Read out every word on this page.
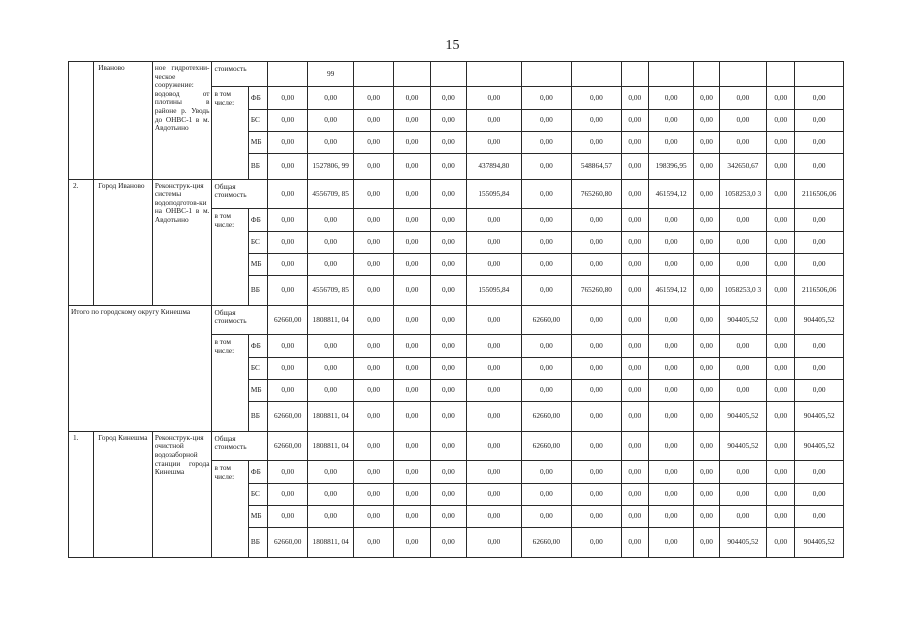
15
	Иваново	ное гидротехни-ческое сооружение: водовод от плотины в районе р. Уводь до ОНВС-1 в м. Авдотьино	стоимость			99												
			в том числе:	ФБ	0,00	0,00	0,00	0,00	0,00	0,00	0,00	0,00	0,00	0,00	0,00	0,00	0,00	0,00
				БС	0,00	0,00	0,00	0,00	0,00	0,00	0,00	0,00	0,00	0,00	0,00	0,00	0,00	0,00
				МБ	0,00	0,00	0,00	0,00	0,00	0,00	0,00	0,00	0,00	0,00	0,00	0,00	0,00	0,00
				ВБ	0,00	1527806, 99	0,00	0,00	0,00	437894,80	0,00	548864,57	0,00	198396,95	0,00	342650,67	0,00	0,00
2.	Город Иваново	Реконструк-ция системы водоподготов-ки на ОНВС-1 в м. Авдотьино	Общая стоимость		0,00	4556709, 85	0,00	0,00	0,00	155095,84	0,00	765260,80	0,00	461594,12	0,00	1058253,0 3	0,00	2116506,06
			в том числе:	ФБ	0,00	0,00	0,00	0,00	0,00	0,00	0,00	0,00	0,00	0,00	0,00	0,00	0,00	0,00
				БС	0,00	0,00	0,00	0,00	0,00	0,00	0,00	0,00	0,00	0,00	0,00	0,00	0,00	0,00
				МБ	0,00	0,00	0,00	0,00	0,00	0,00	0,00	0,00	0,00	0,00	0,00	0,00	0,00	0,00
				ВБ	0,00	4556709, 85	0,00	0,00	0,00	155095,84	0,00	765260,80	0,00	461594,12	0,00	1058253,0 3	0,00	2116506,06
Итого по городскому округу Кинешма			Общая стоимость		62660,00	1808811, 04	0,00	0,00	0,00	0,00	62660,00	0,00	0,00	0,00	0,00	904405,52	0,00	904405,52
			в том числе:	ФБ	0,00	0,00	0,00	0,00	0,00	0,00	0,00	0,00	0,00	0,00	0,00	0,00	0,00	0,00
				БС	0,00	0,00	0,00	0,00	0,00	0,00	0,00	0,00	0,00	0,00	0,00	0,00	0,00	0,00
				МБ	0,00	0,00	0,00	0,00	0,00	0,00	0,00	0,00	0,00	0,00	0,00	0,00	0,00	0,00
				ВБ	62660,00	1808811, 04	0,00	0,00	0,00	0,00	62660,00	0,00	0,00	0,00	0,00	904405,52	0,00	904405,52
1.	Город Кинешма	Реконструк-ция очистной водозаборной станции города Кинешма	Общая стоимость		62660,00	1808811, 04	0,00	0,00	0,00	0,00	62660,00	0,00	0,00	0,00	0,00	904405,52	0,00	904405,52
			в том числе:	ФБ	0,00	0,00	0,00	0,00	0,00	0,00	0,00	0,00	0,00	0,00	0,00	0,00	0,00	0,00
				БС	0,00	0,00	0,00	0,00	0,00	0,00	0,00	0,00	0,00	0,00	0,00	0,00	0,00	0,00
				МБ	0,00	0,00	0,00	0,00	0,00	0,00	0,00	0,00	0,00	0,00	0,00	0,00	0,00	0,00
				ВБ	62660,00	1808811, 04	0,00	0,00	0,00	0,00	62660,00	0,00	0,00	0,00	0,00	904405,52	0,00	904405,52
